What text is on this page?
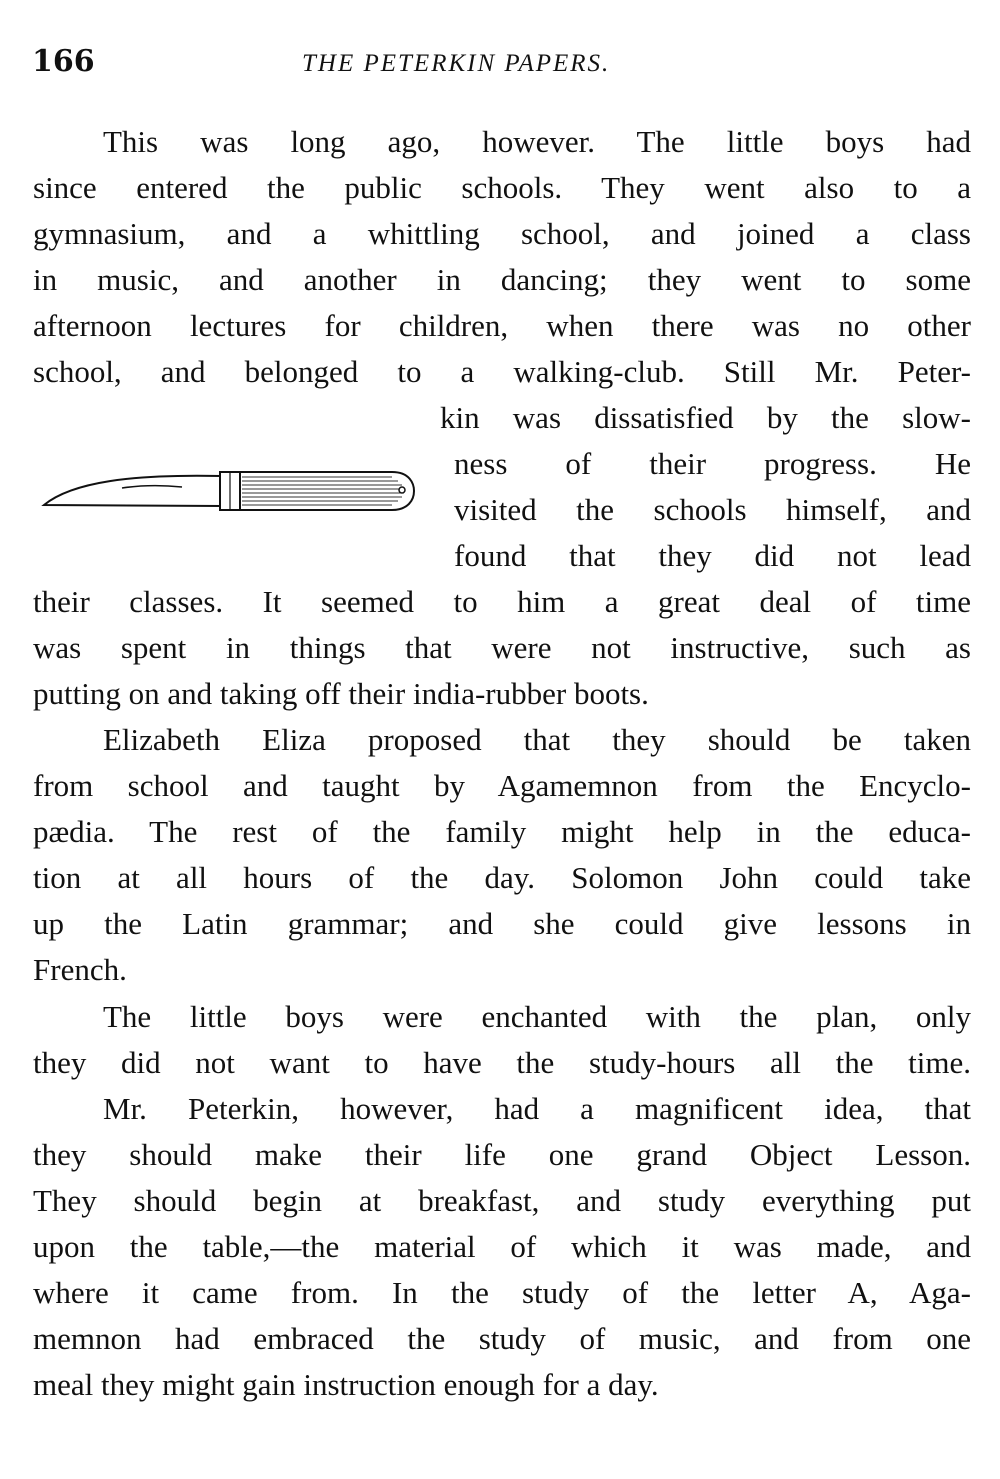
166	THE PETERKIN PAPERS.
This was long ago, however. The little boys had
since entered the public schools. They went also to a
gymnasium, and a whittling school, and joined a class
in music, and another in dancing; they went to some
afternoon lectures for children, when there was no other
school, and belonged to a walking-club. Still Mr. Peter-
kin was dissatisfied by the slow-
ness of their progress. He
visited the schools himself, and
found that they did not lead
their classes. It seemed to him a great deal of time
was spent in things that were not instructive, such as
putting on and taking off their india-rubber boots.
Elizabeth Eliza proposed that they should be taken
from school and taught by Agamemnon from the Encyclo-
pædia. The rest of the family might help in the educa-
tion at all hours of the day. Solomon John could take
up the Latin grammar; and she could give lessons in
French.
The little boys were enchanted with the plan, only
they did not want to have the study-hours all the time.
Mr. Peterkin, however, had a magnificent idea, that
they should make their life one grand Object Lesson.
They should begin at breakfast, and study everything put
upon the table,—the material of which it was made, and
where it came from. In the study of the letter A, Aga-
memnon had embraced the study of music, and from one
meal they might gain instruction enough for a day.
